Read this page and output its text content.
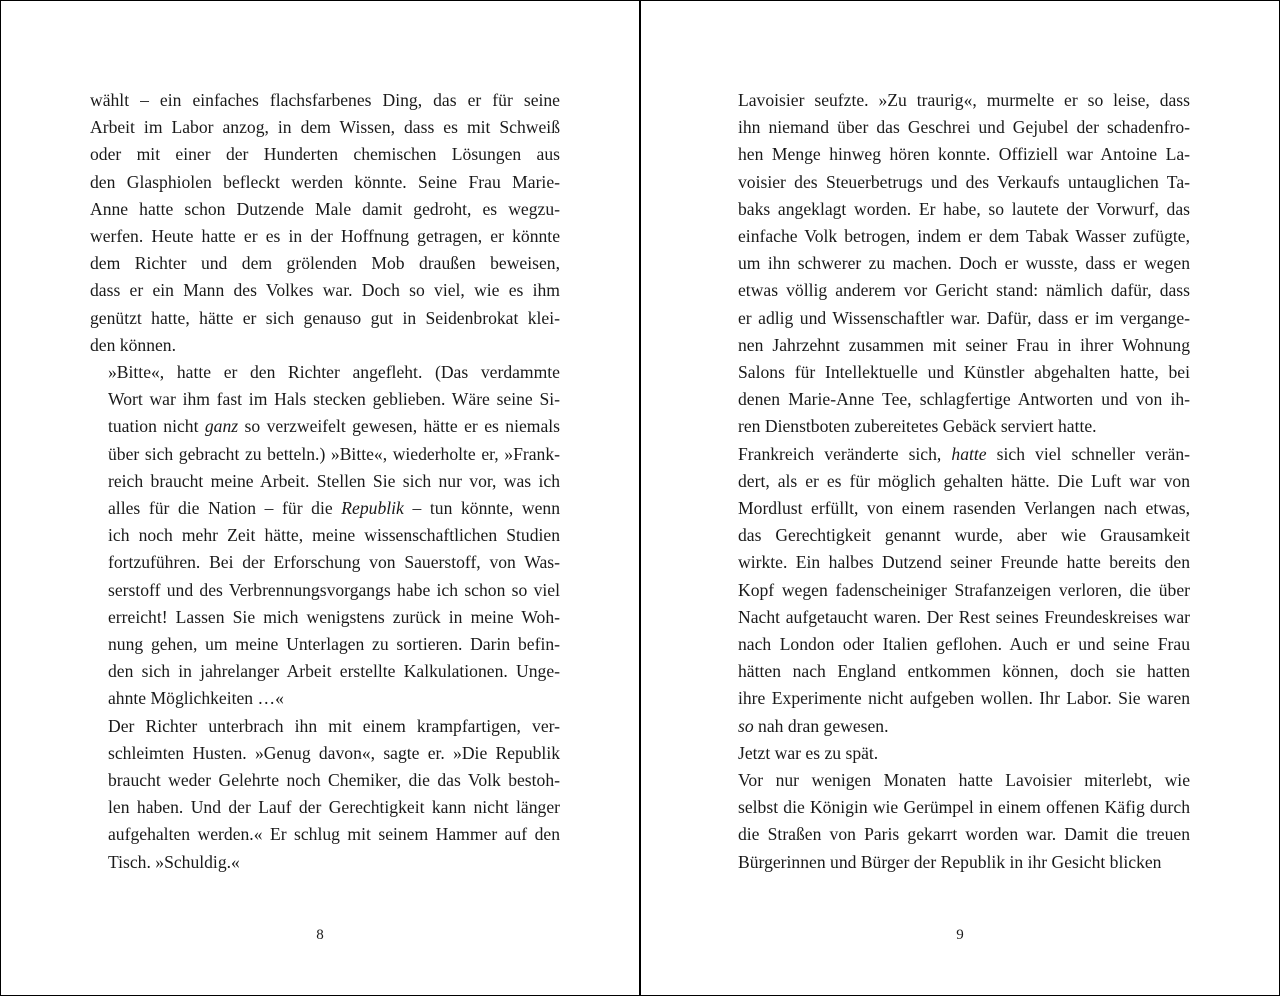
wählt – ein einfaches flachsfarbenes Ding, das er für seine
Arbeit im Labor anzog, in dem Wissen, dass es mit Schweiß
oder mit einer der Hunderten chemischen Lösungen aus
den Glasphiolen befleckt werden könnte. Seine Frau Marie-
Anne hatte schon Dutzende Male damit gedroht, es wegzu-
werfen. Heute hatte er es in der Hoffnung getragen, er könnte
dem Richter und dem grölenden Mob draußen beweisen,
dass er ein Mann des Volkes war. Doch so viel, wie es ihm
genützt hatte, hätte er sich genauso gut in Seidenbrokat klei-
den können.

»Bitte«, hatte er den Richter angefleht. (Das verdammte
Wort war ihm fast im Hals stecken geblieben. Wäre seine Si-
tuation nicht ganz so verzweifelt gewesen, hätte er es niemals
über sich gebracht zu betteln.) »Bitte«, wiederholte er, »Frank-
reich braucht meine Arbeit. Stellen Sie sich nur vor, was ich
alles für die Nation – für die Republik – tun könnte, wenn
ich noch mehr Zeit hätte, meine wissenschaftlichen Studien
fortzuführen. Bei der Erforschung von Sauerstoff, von Was-
serstoff und des Verbrennungsvorgangs habe ich schon so viel
erreicht! Lassen Sie mich wenigstens zurück in meine Woh-
nung gehen, um meine Unterlagen zu sortieren. Darin befin-
den sich in jahrelanger Arbeit erstellte Kalkulationen. Unge-
ahnte Möglichkeiten …«

Der Richter unterbrach ihn mit einem krampfartigen, ver-
schleimten Husten. »Genug davon«, sagte er. »Die Republik
braucht weder Gelehrte noch Chemiker, die das Volk bestoh-
len haben. Und der Lauf der Gerechtigkeit kann nicht länger
aufgehalten werden.« Er schlug mit seinem Hammer auf den
Tisch. »Schuldig.«

8

Lavoisier seufzte. »Zu traurig«, murmelte er so leise, dass
ihn niemand über das Geschrei und Gejubel der schadenfro-
hen Menge hinweg hören konnte. Offiziell war Antoine La-
voisier des Steuerbetrugs und des Verkaufs untauglichen Ta-
baks angeklagt worden. Er habe, so lautete der Vorwurf, das
einfache Volk betrogen, indem er dem Tabak Wasser zufügte,
um ihn schwerer zu machen. Doch er wusste, dass er wegen
etwas völlig anderem vor Gericht stand: nämlich dafür, dass
er adlig und Wissenschaftler war. Dafür, dass er im vergange-
nen Jahrzehnt zusammen mit seiner Frau in ihrer Wohnung
Salons für Intellektuelle und Künstler abgehalten hatte, bei
denen Marie-Anne Tee, schlagfertige Antworten und von ih-
ren Dienstboten zubereitetes Gebäck serviert hatte.

Frankreich veränderte sich, hatte sich viel schneller verän-
dert, als er es für möglich gehalten hätte. Die Luft war von
Mordlust erfüllt, von einem rasenden Verlangen nach etwas,
das Gerechtigkeit genannt wurde, aber wie Grausamkeit
wirkte. Ein halbes Dutzend seiner Freunde hatte bereits den
Kopf wegen fadenscheiniger Strafanzeigen verloren, die über
Nacht aufgetaucht waren. Der Rest seines Freundeskreises war
nach London oder Italien geflohen. Auch er und seine Frau
hätten nach England entkommen können, doch sie hatten
ihre Experimente nicht aufgeben wollen. Ihr Labor. Sie waren
so nah dran gewesen.

Jetzt war es zu spät.

Vor nur wenigen Monaten hatte Lavoisier miterlebt, wie
selbst die Königin wie Gerümpel in einem offenen Käfig durch
die Straßen von Paris gekarrt worden war. Damit die treuen
Bürgerinnen und Bürger der Republik in ihr Gesicht blicken

9
